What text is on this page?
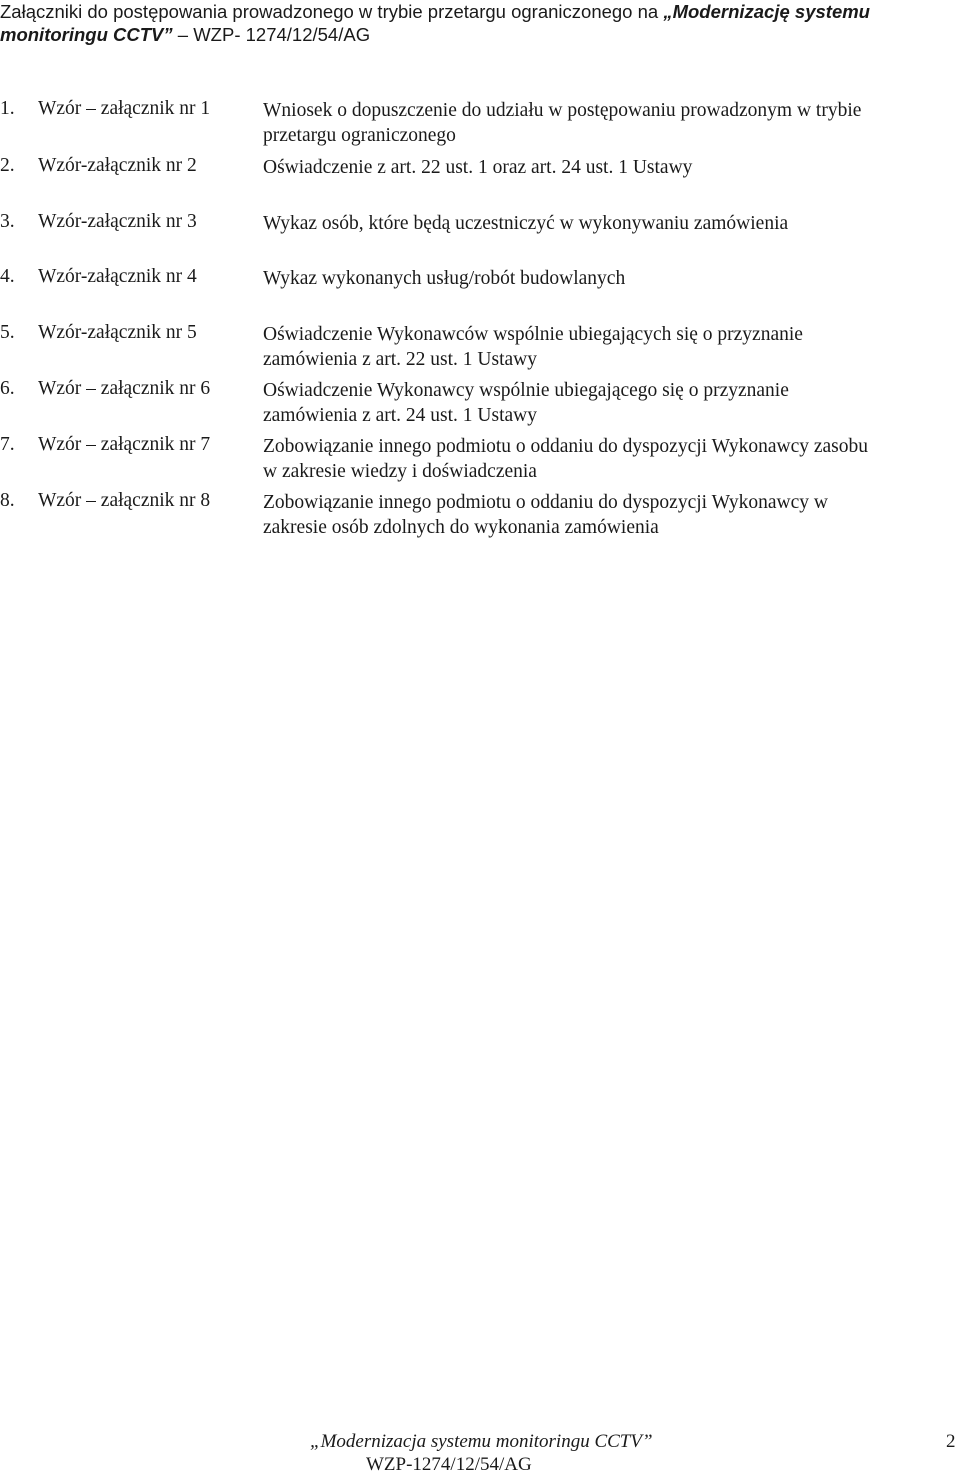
Załączniki do postępowania prowadzonego w trybie przetargu ograniczonego na „Modernizację systemu
monitoringu CCTV” – WZP- 1274/12/54/AG
1. Wzór – załącznik nr 1	Wniosek o dopuszczenie do udziału w postępowaniu prowadzonym w trybie
przetargu ograniczonego
2. Wzór-załącznik nr 2	Oświadczenie z art. 22 ust. 1 oraz art. 24 ust. 1 Ustawy
3. Wzór-załącznik nr 3	Wykaz osób, które będą uczestniczyć w wykonywaniu zamówienia
4. Wzór-załącznik nr 4	Wykaz wykonanych usług/robót budowlanych
5. Wzór-załącznik nr 5	Oświadczenie Wykonawców wspólnie ubiegających się o przyznanie
zamówienia z art. 22 ust. 1 Ustawy
6. Wzór – załącznik nr 6	Oświadczenie Wykonawcy wspólnie ubiegającego się o przyznanie
zamówienia z art. 24 ust. 1 Ustawy
7. Wzór – załącznik nr 7	Zobowiązanie innego podmiotu o oddaniu do dyspozycji Wykonawcy zasobu
w zakresie wiedzy i doświadczenia
8. Wzór – załącznik nr 8	Zobowiązanie innego podmiotu o oddaniu do dyspozycji Wykonawcy w
zakresie osób zdolnych do wykonania zamówienia
„Modernizacja systemu monitoringu CCTV”
WZP-1274/12/54/AG
2
